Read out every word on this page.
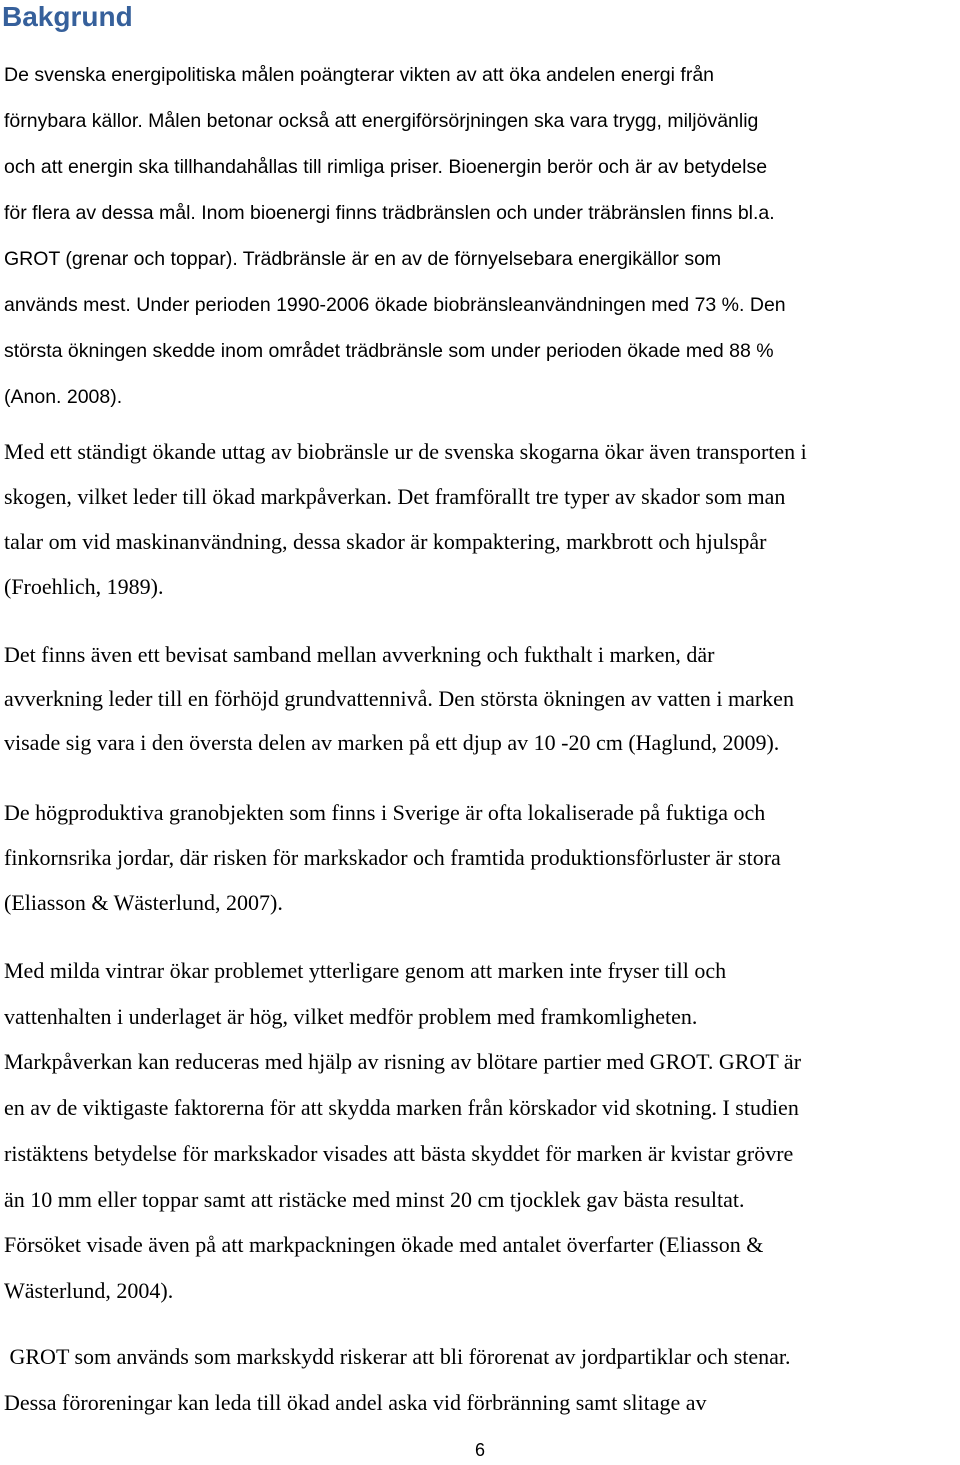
Bakgrund

De svenska energipolitiska målen poängterar vikten av att öka andelen energi från
förnybara källor. Målen betonar också att energiförsörjningen ska vara trygg, miljövänlig
och att energin ska tillhandahållas till rimliga priser. Bioenergin berör och är av betydelse
för flera av dessa mål. Inom bioenergi finns trädbränslen och under träbränslen finns bl.a.
GROT (grenar och toppar). Trädbränsle är en av de förnyelsebara energikällor som
används mest. Under perioden 1990-2006 ökade biobränsleanvändningen med 73 %. Den
största ökningen skedde inom området trädbränsle som under perioden ökade med 88 %
(Anon. 2008).

Med ett ständigt ökande uttag av biobränsle ur de svenska skogarna ökar även transporten i
skogen, vilket leder till ökad markpåverkan. Det framförallt tre typer av skador som man
talar om vid maskinanvändning, dessa skador är kompaktering, markbrott och hjulspår
(Froehlich, 1989).

Det finns även ett bevisat samband mellan avverkning och fukthalt i marken, där
avverkning leder till en förhöjd grundvattennivå. Den största ökningen av vatten i marken
visade sig vara i den översta delen av marken på ett djup av 10 -20 cm (Haglund, 2009).

De högproduktiva granobjekten som finns i Sverige är ofta lokaliserade på fuktiga och
finkornsrika jordar, där risken för markskador och framtida produktionsförluster är stora
(Eliasson & Wästerlund, 2007).

Med milda vintrar ökar problemet ytterligare genom att marken inte fryser till och
vattenhalten i underlaget är hög, vilket medför problem med framkomligheten.
Markpåverkan kan reduceras med hjälp av risning av blötare partier med GROT. GROT är
en av de viktigaste faktorerna för att skydda marken från körskador vid skotning. I studien
ristäktens betydelse för markskador visades att bästa skyddet för marken är kvistar grövre
än 10 mm eller toppar samt att ristäcke med minst 20 cm tjocklek gav bästa resultat.
Försöket visade även på att markpackningen ökade med antalet överfarter (Eliasson &
Wästerlund, 2004).

GROT som används som markskydd riskerar att bli förorenat av jordpartiklar och stenar.
Dessa föroreningar kan leda till ökad andel aska vid förbränning samt slitage av

6
